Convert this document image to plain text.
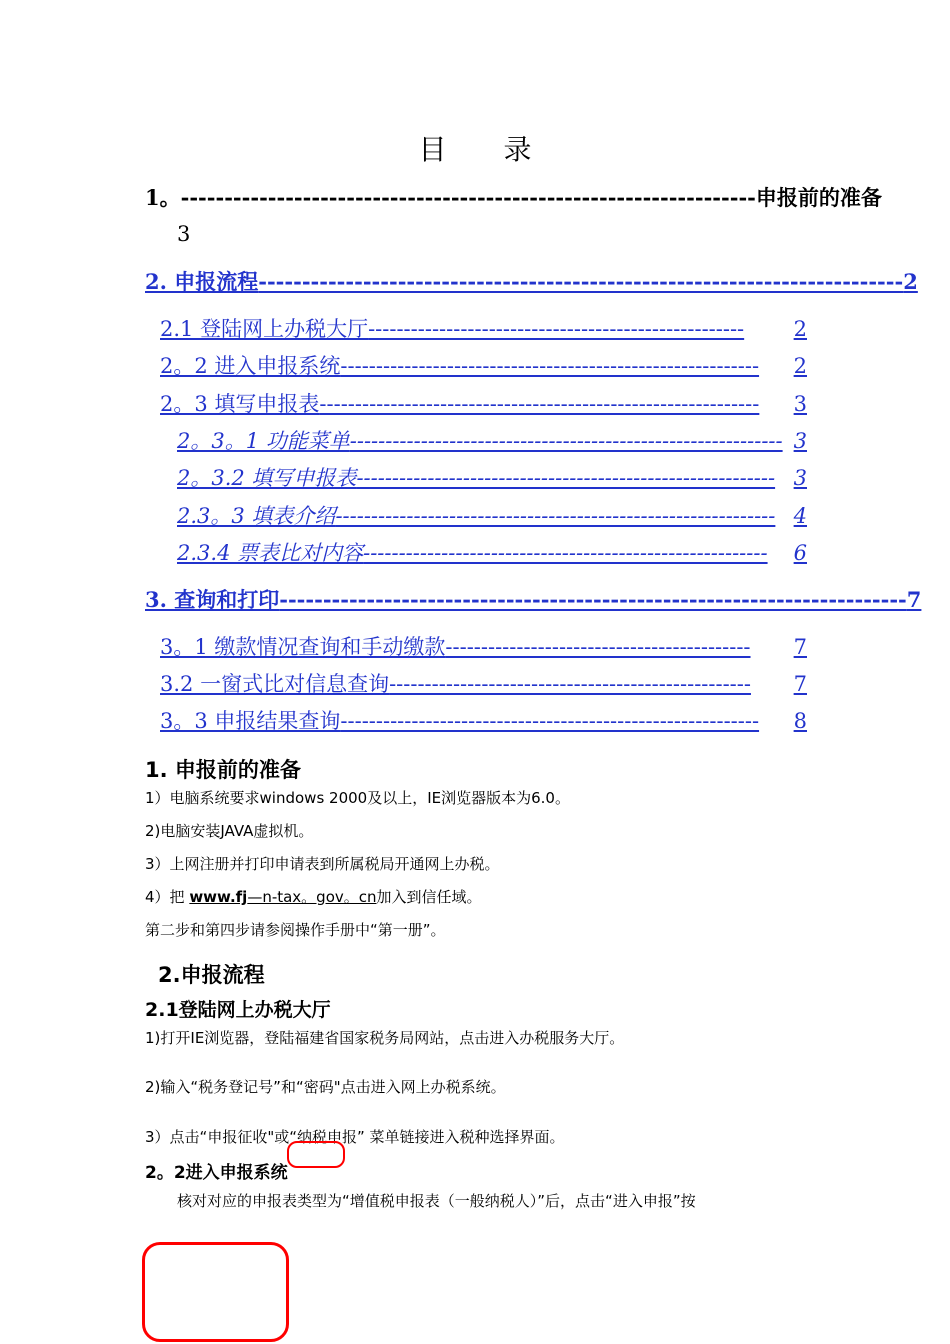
目 录
1。 ------------------------------------------------------------------ 申报前的准备
3
2. 申报流程 -------------------------------------------------------------------------- 2
2.1 登陆网上办税大厅 -----------------------------------------------------	2
2。2 进入申报系统 -----------------------------------------------------------	2
2。3 填写申报表 --------------------------------------------------------------	3
2。3。1 功能菜单 ------------------------------------------------------------- 3
2。3.2 填写申报表 ----------------------------------------------------------- 3
2.3。3 填表介绍 -------------------------------------------------------------- 4
2.3.4 票表比对内容 ---------------------------------------------------------	6
3. 查询和打印 ------------------------------------------------------------------------ 7
3。1 缴款情况查询和手动缴款 -------------------------------------------	7
3.2 一窗式比对信息查询 ---------------------------------------------------	7
3。3 申报结果查询 -----------------------------------------------------------	8
1. 申报前的准备
1）电脑系统要求windows 2000及以上，IE浏览器版本为6.0。
2)电脑安装JAVA虚拟机。
3）上网注册并打印申请表到所属税局开通网上办税。
4）把 www.fj—n-tax。gov。cn加入到信任域。
第二步和第四步请参阅操作手册中“第一册”。
2.申报流程
2.1登陆网上办税大厅
1)打开IE浏览器，登陆福建省国家税务局网站，点击进入办税服务大厅。
2)输入“税务登记号”和“密码"点击进入网上办税系统。
3）点击“申报征收"或“纳税申报” 菜单链接进入税种选择界面。
2。2进入申报系统
核对对应的申报表类型为“增值税申报表（一般纳税人）”后，点击“进入申报”按
